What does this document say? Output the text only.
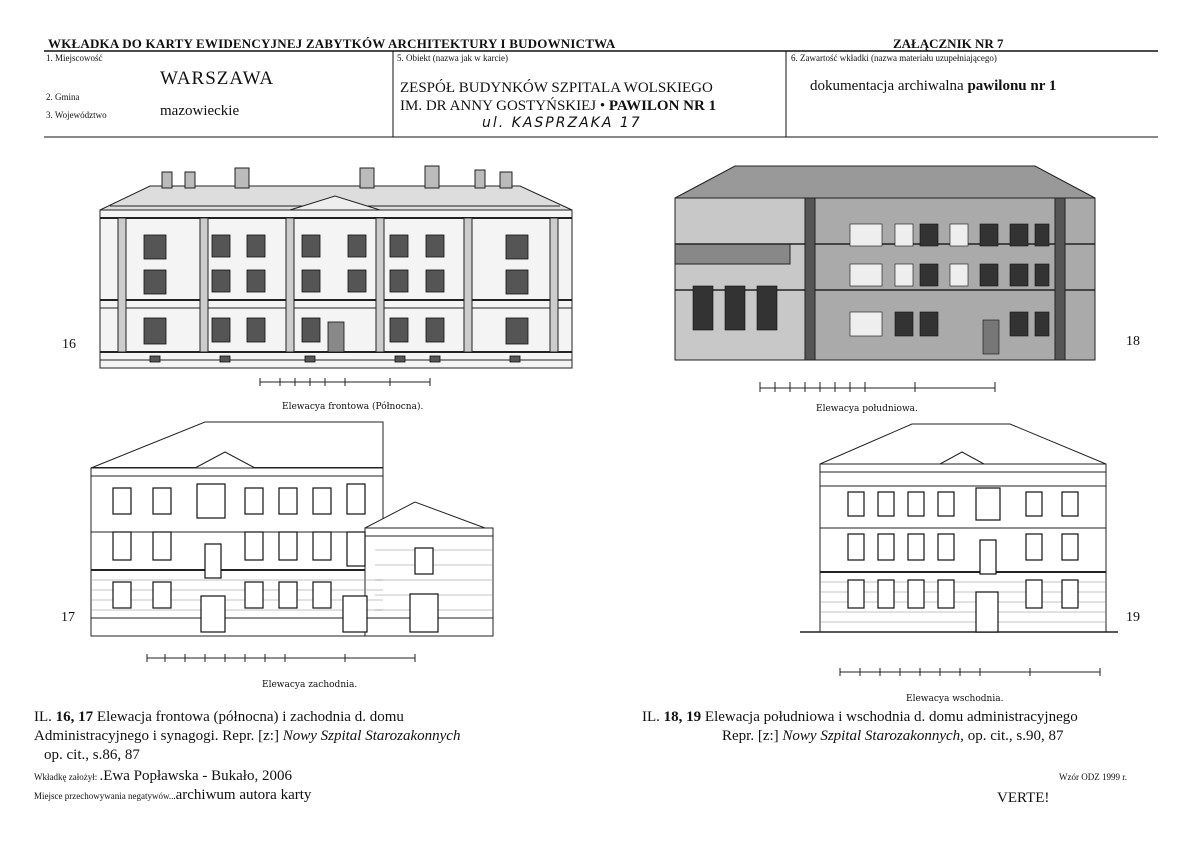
WKŁADKA DO KARTY EWIDENCYJNEJ ZABYTKÓW ARCHITEKTURY I BUDOWNICTWA	ZAŁĄCZNIK NR 7
1. Miejscowość
2. Gmina
3. Województwo
WARSZAWA
mazowieckie
5. Obiekt (nazwa jak w karcie)
ZESPÓŁ BUDYNKÓW SZPITALA WOLSKIEGO
IM. DR ANNY GOSTYŃSKIEJ • PAWILON NR 1
ul. KASPRZAKA 17
6. Zawartość wkładki (nazwa materiału uzupełniającego)
dokumentacja archiwalna pawilonu nr 1
16
Elewacya frontowa (Północna).
18
Elewacya południowa.
17
Elewacya zachodnia.
19
Elewacya wschodnia.
IL. 16, 17 Elewacja frontowa (północna) i zachodnia d. domu
Administracyjnego i synagogi. Repr. [z:] Nowy Szpital Starozakonnych
op. cit., s.86, 87
IL. 18, 19 Elewacja południowa i wschodnia d. domu administracyjnego
Repr. [z:] Nowy Szpital Starozakonnych, op. cit., s.90, 87
Wkładkę założył: .Ewa Popławska - Bukało, 2006
Miejsce przechowywania negatywów...archiwum autora karty
Wzór ODZ 1999 r.
VERTE!
